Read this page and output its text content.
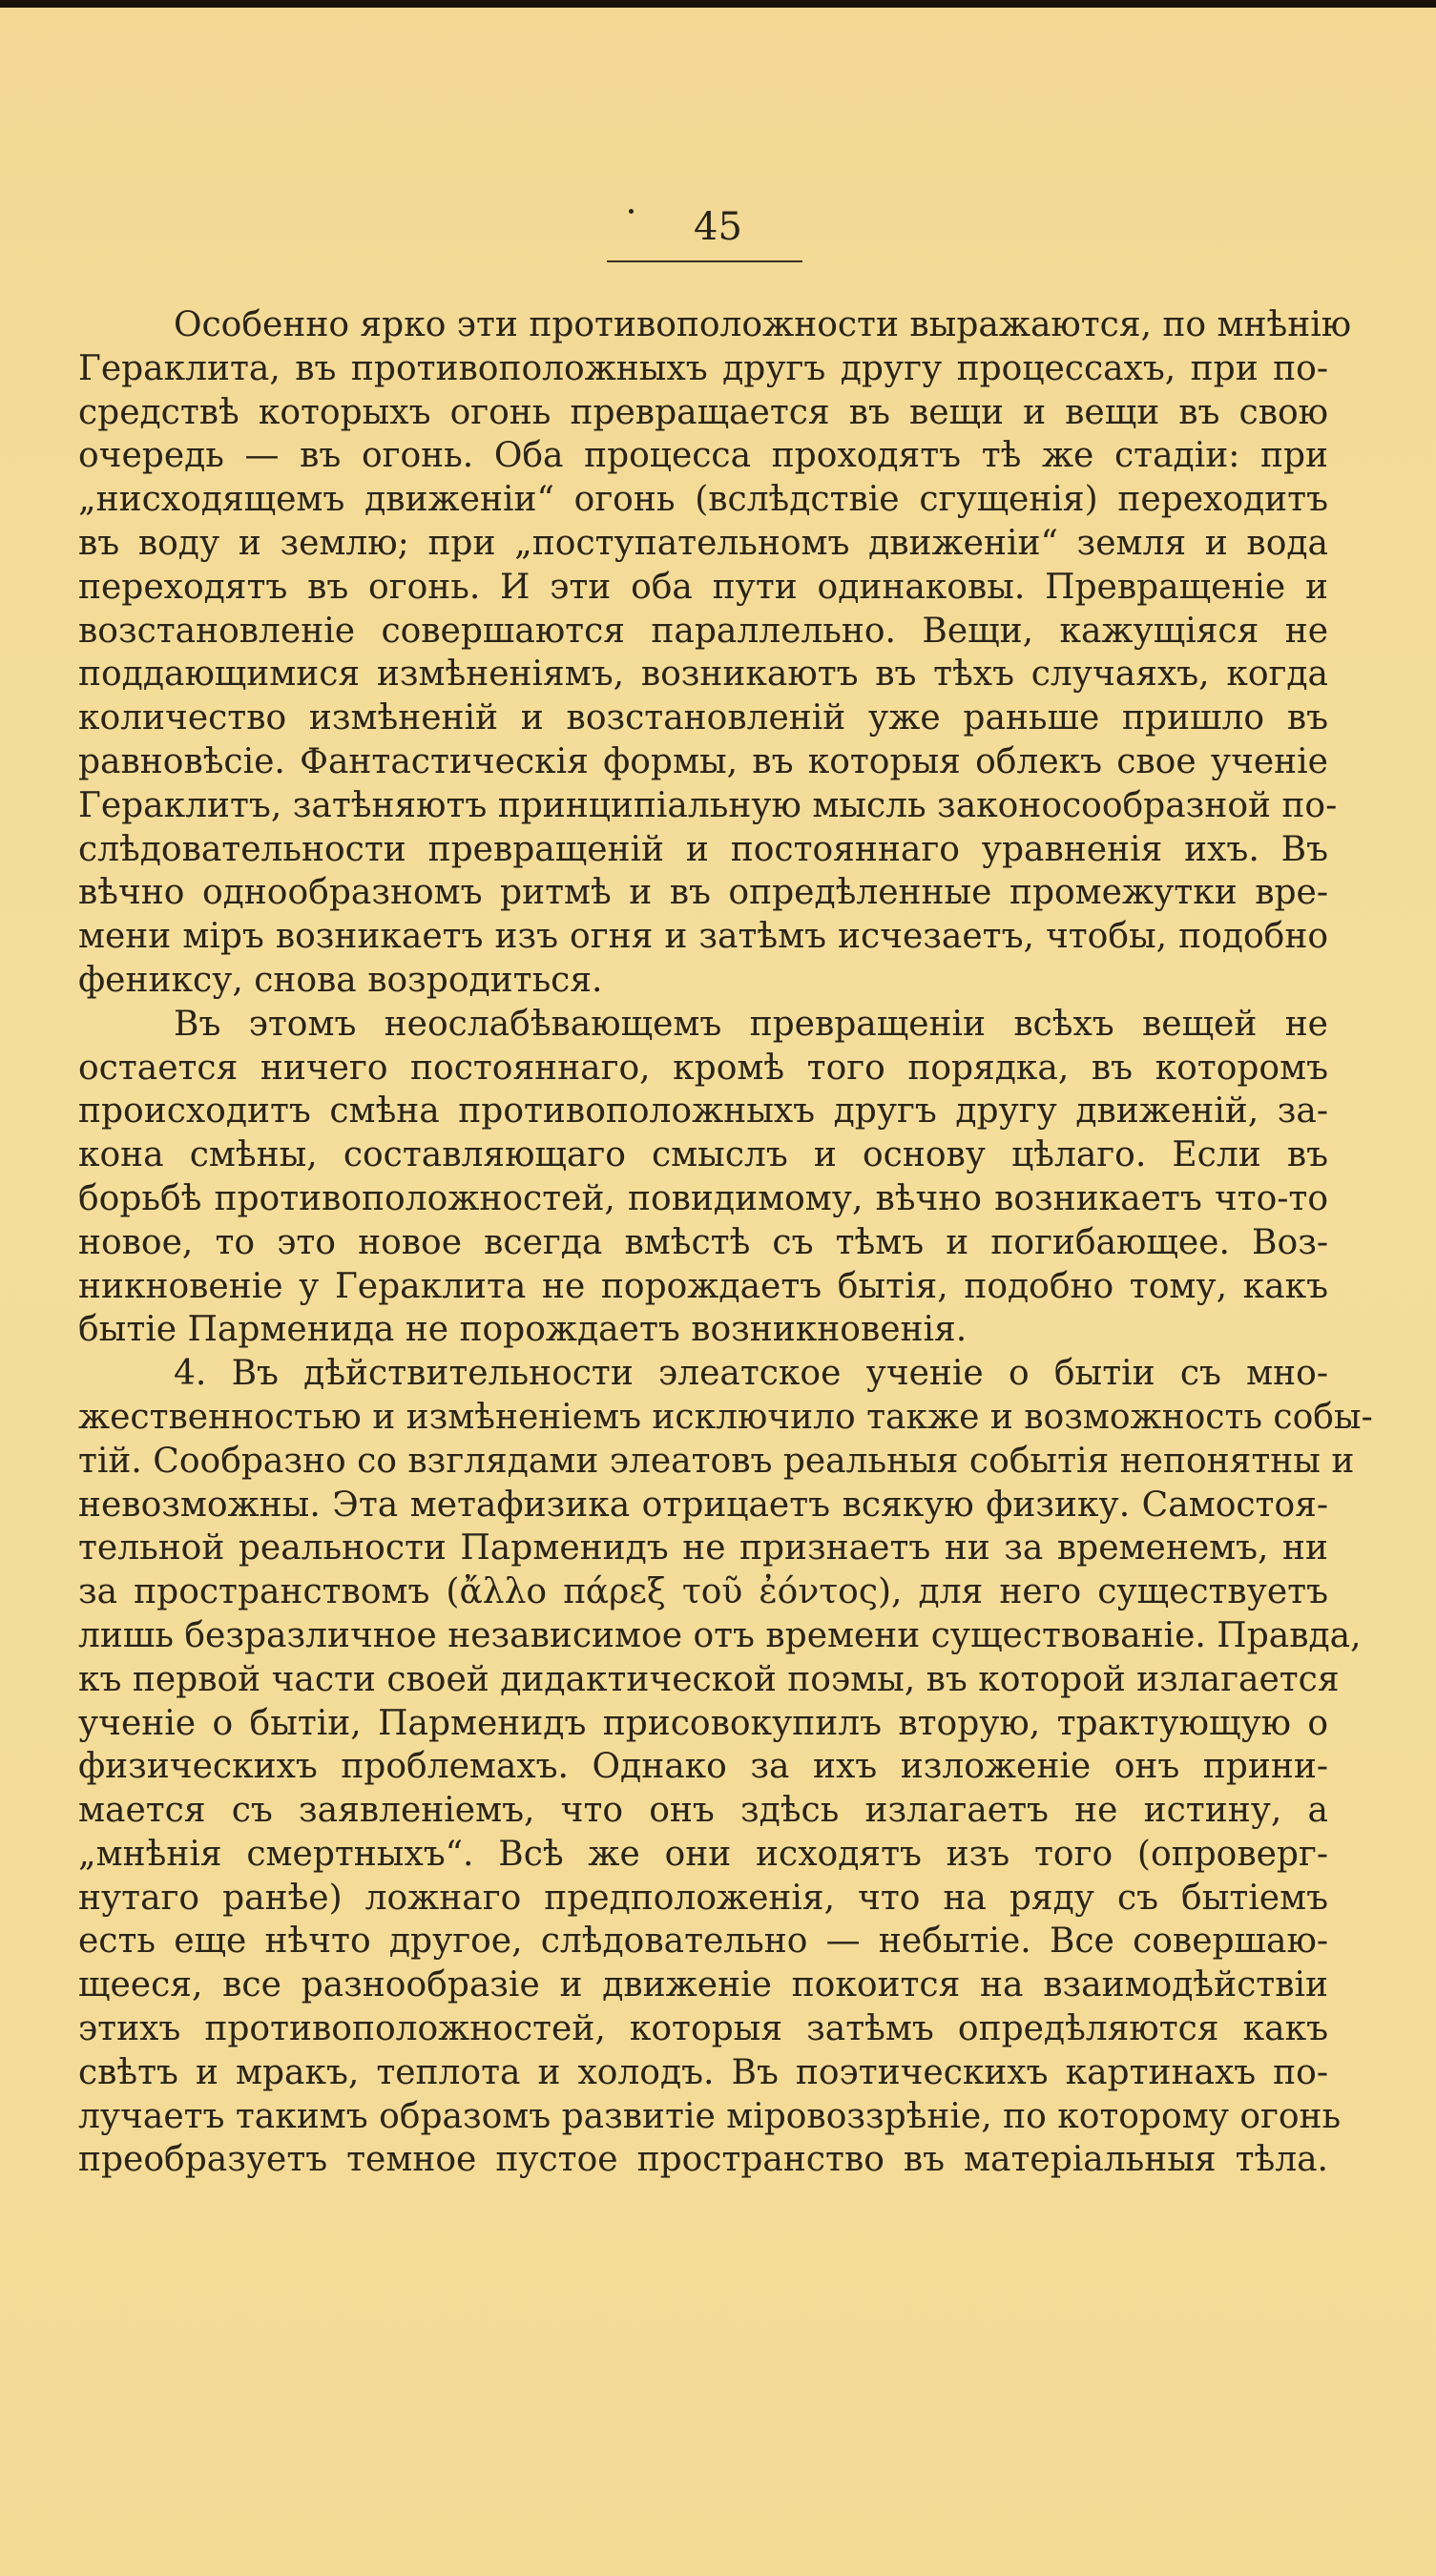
45
Особенно ярко эти противоположности выражаются, по мнѣнію
Гераклита, въ противоположныхъ другъ другу процессахъ, при по-
средствѣ которыхъ огонь превращается въ вещи и вещи въ свою
очередь — въ огонь. Оба процесса проходятъ тѣ же стадіи: при
„нисходящемъ движеніи“ огонь (вслѣдствіе сгущенія) переходитъ
въ воду и землю; при „поступательномъ движеніи“ земля и вода
переходятъ въ огонь. И эти оба пути одинаковы. Превращеніе и
возстановленіе совершаются параллельно. Вещи, кажущіяся не
поддающимися измѣненіямъ, возникаютъ въ тѣхъ случаяхъ, когда
количество измѣненій и возстановленій уже раньше пришло въ
равновѣсіе. Фантастическія формы, въ которыя облекъ свое ученіе
Гераклитъ, затѣняютъ принципіальную мысль законосообразной по-
слѣдовательности превращеній и постояннаго уравненія ихъ. Въ
вѣчно однообразномъ ритмѣ и въ опредѣленные промежутки вре-
мени міръ возникаетъ изъ огня и затѣмъ исчезаетъ, чтобы, подобно
фениксу, снова возродиться.
Въ этомъ неослабѣвающемъ превращеніи всѣхъ вещей не
остается ничего постояннаго, кромѣ того порядка, въ которомъ
происходитъ смѣна противоположныхъ другъ другу движеній, за-
кона смѣны, составляющаго смыслъ и основу цѣлаго. Если въ
борьбѣ противоположностей, повидимому, вѣчно возникаетъ что-то
новое, то это новое всегда вмѣстѣ съ тѣмъ и погибающее. Воз-
никновеніе у Гераклита не порождаетъ бытія, подобно тому, какъ
бытіе Парменида не порождаетъ возникновенія.
4. Въ дѣйствительности элеатское ученіе о бытіи съ мно-
жественностью и измѣненіемъ исключило также и возможность собы-
тій. Сообразно со взглядами элеатовъ реальныя событія непонятны и
невозможны. Эта метафизика отрицаетъ всякую физику. Самостоя-
тельной реальности Парменидъ не признаетъ ни за временемъ, ни
за пространствомъ (ἄλλο πάρεξ τοῦ ἐόντος), для него существуетъ
лишь безразличное независимое отъ времени существованіе. Правда,
къ первой части своей дидактической поэмы, въ которой излагается
ученіе о бытіи, Парменидъ присовокупилъ вторую, трактующую о
физическихъ проблемахъ. Однако за ихъ изложеніе онъ прини-
мается съ заявленіемъ, что онъ здѣсь излагаетъ не истину, а
„мнѣнія смертныхъ“. Всѣ же они исходятъ изъ того (опроверг-
нутаго ранѣе) ложнаго предположенія, что на ряду съ бытіемъ
есть еще нѣчто другое, слѣдовательно — небытіе. Все совершаю-
щееся, все разнообразіе и движеніе покоится на взаимодѣйствіи
этихъ противоположностей, которыя затѣмъ опредѣляются какъ
свѣтъ и мракъ, теплота и холодъ. Въ поэтическихъ картинахъ по-
лучаетъ такимъ образомъ развитіе міровоззрѣніе, по которому огонь
преобразуетъ темное пустое пространство въ матеріальныя тѣла.
